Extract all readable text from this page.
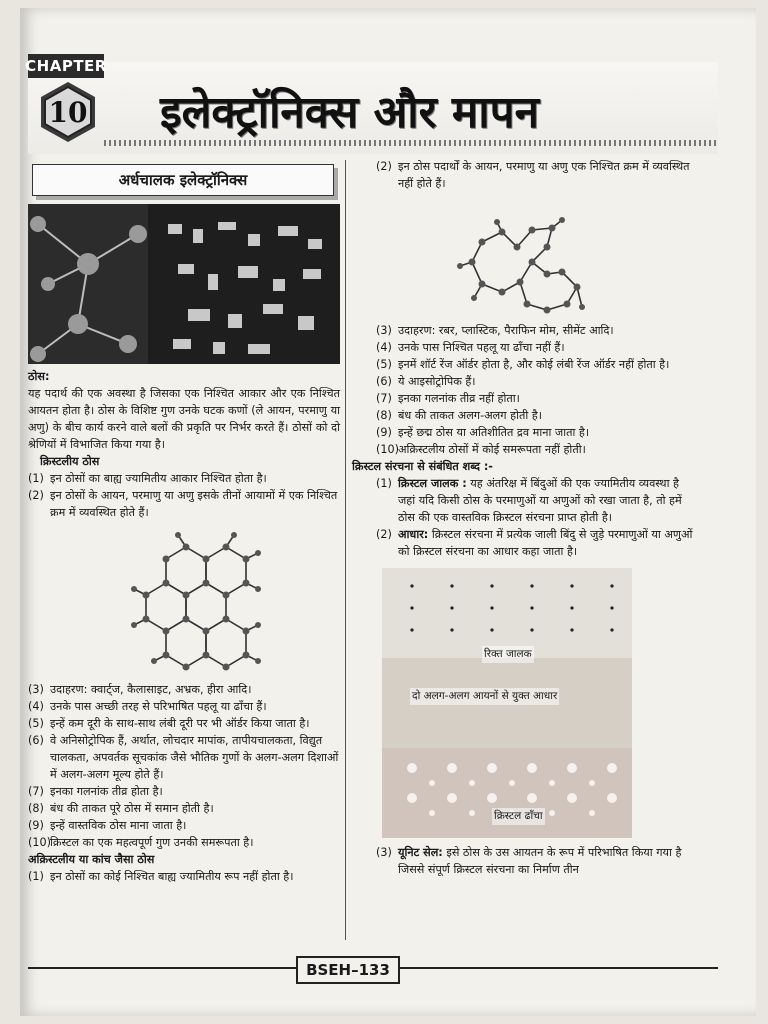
CHAPTER
10 इलेक्ट्रॉनिक्स और मापन
अर्धचालक इलेक्ट्रॉनिक्स

ठोस:

यह पदार्थ की एक अवस्था है जिसका एक निश्चित आकार और एक निश्चित आयतन होता है। ठोस के विशिष्ट गुण उनके घटक कणों (ले आयन, परमाणु या अणु) के बीच कार्य करने वाले बलों की प्रकृति पर निर्भर करते हैं। ठोसों को दो श्रेणियों में विभाजित किया गया है।

क्रिस्टलीय ठोस

(1) इन ठोसों का बाह्य ज्यामितीय आकार निश्चित होता है।
(2) इन ठोसों के आयन, परमाणु या अणु इसके तीनों आयामों में एक निश्चित क्रम में व्यवस्थित होते हैं।
(3) उदाहरण: क्वार्ट्ज, कैलासाइट, अभ्रक, हीरा आदि।
(4) उनके पास अच्छी तरह से परिभाषित पहलू या ढाँचा हैं।
(5) इन्हें कम दूरी के साथ-साथ लंबी दूरी पर भी ऑर्डर किया जाता है।
(6) वे अनिसोट्रोपिक हैं, अर्थात, लोचदार मापांक, तापीयचालकता, विद्युत चालकता, अपवर्तक सूचकांक जैसे भौतिक गुणों के अलग-अलग दिशाओं में अलग-अलग मूल्य होते हैं।
(7) इनका गलनांक तीव्र होता है।
(8) बंध की ताकत पूरे ठोस में समान होती है।
(9) इन्हें वास्तविक ठोस माना जाता है।
(10) क्रिस्टल का एक महत्वपूर्ण गुण उनकी समरूपता है।

अक्रिस्टलीय या कांच जैसा ठोस

(1) इन ठोसों का कोई निश्चित बाह्य ज्यामितीय रूप नहीं होता है।
(2) इन ठोस पदार्थों के आयन, परमाणु या अणु एक निश्चित क्रम में व्यवस्थित नहीं होते हैं।
(3) उदाहरण: रबर, प्लास्टिक, पैराफिन मोम, सीमेंट आदि।
(4) उनके पास निश्चित पहलू या ढाँचा नहीं हैं।
(5) इनमें शॉर्ट रेंज ऑर्डर होता है, और कोई लंबी रेंज ऑर्डर नहीं होता है।
(6) ये आइसोट्रोपिक हैं।
(7) इनका गलनांक तीव्र नहीं होता।
(8) बंध की ताकत अलग-अलग होती है।
(9) इन्हें छद्म ठोस या अतिशीतित द्रव माना जाता है।
(10) अक्रिस्टलीय ठोसों में कोई समरूपता नहीं होती।

क्रिस्टल संरचना से संबंधित शब्द :-

(1) क्रिस्टल जालक : यह अंतरिक्ष में बिंदुओं की एक ज्यामितीय व्यवस्था है जहां यदि किसी ठोस के परमाणुओं या अणुओं को रखा जाता है, तो हमें ठोस की एक वास्तविक क्रिस्टल संरचना प्राप्त होती है।
(2) आधार: क्रिस्टल संरचना में प्रत्येक जाली बिंदु से जुड़े परमाणुओं या अणुओं को क्रिस्टल संरचना का आधार कहा जाता है।
रिक्त जालक
दो अलग-अलग आयनों से युक्त आधार
क्रिस्टल ढाँचा
(3) यूनिट सेल: इसे ठोस के उस आयतन के रूप में परिभाषित किया गया है जिससे संपूर्ण क्रिस्टल संरचना का निर्माण तीन
BSEH–133
